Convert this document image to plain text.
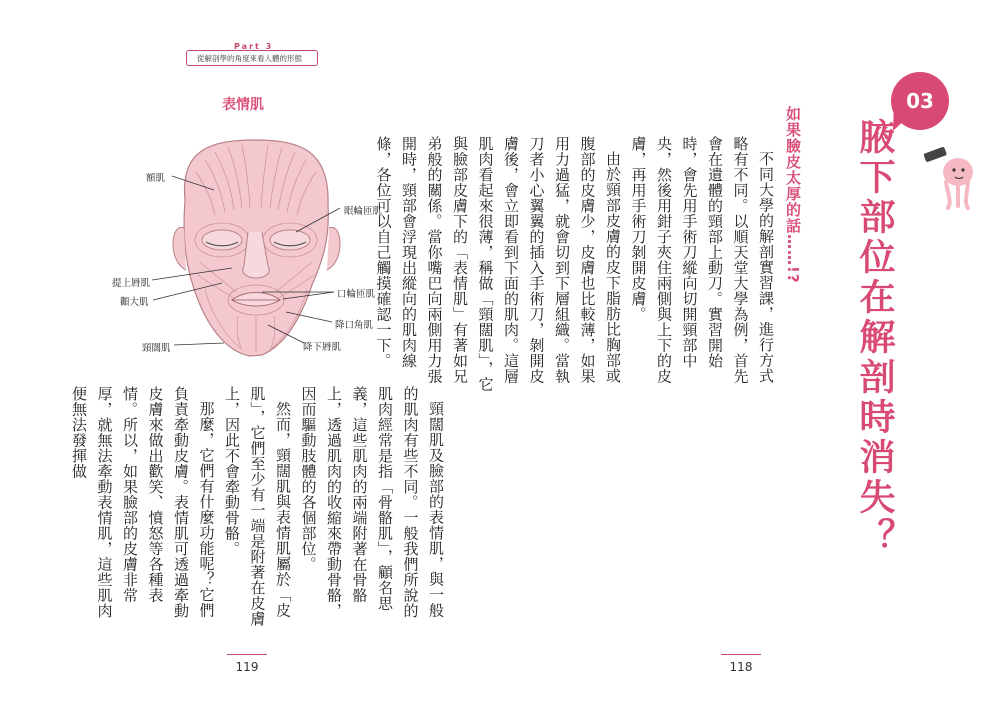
Part 3
從解剖學的角度來看人體的形態
表情肌
額肌
眼輪匝肌
提上脣肌
顴大肌
口輪匝肌
降口角肌
降下脣肌
頸闊肌

頸闊肌及臉部的表情肌，與一般的肌肉有些不同。一般我們所說的肌肉經常是指「骨骼肌」，顧名思義，這些肌肉的兩端附著在骨骼上，透過肌肉的收縮來帶動骨骼，因而驅動肢體的各個部位。

然而，頸闊肌與表情肌屬於「皮肌」，它們至少有一端是附著在皮膚上，因此不會牽動骨骼。

那麼，它們有什麼功能呢？它們負責牽動皮膚。表情肌可透過牽動皮膚來做出歡笑、憤怒等各種表情。所以，如果臉部的皮膚非常厚，就無法牽動表情肌，這些肌肉便無法發揮做

119
03
腋下部位在解剖時消失？
如果臉皮太厚的話……!?

不同大學的解剖實習課，進行方式略有不同。以順天堂大學為例，首先會在遺體的頸部上動刀。實習開始時，會先用手術刀縱向切開頸部中央，然後用鉗子夾住兩側與上下的皮膚，再用手術刀剝開皮膚。

由於頸部皮膚的皮下脂肪比胸部或腹部的皮膚少，皮膚也比較薄，如果用力過猛，就會切到下層組織。當執刀者小心翼翼的插入手術刀，剝開皮膚後，會立即看到下面的肌肉。這層肌肉看起來很薄，稱做「頸闊肌」，它與臉部皮膚下的「表情肌」有著如兄弟般的關係。當你嘴巴向兩側用力張開時，頸部會浮現出縱向的肌肉線條，各位可以自己觸摸確認一下。

118
